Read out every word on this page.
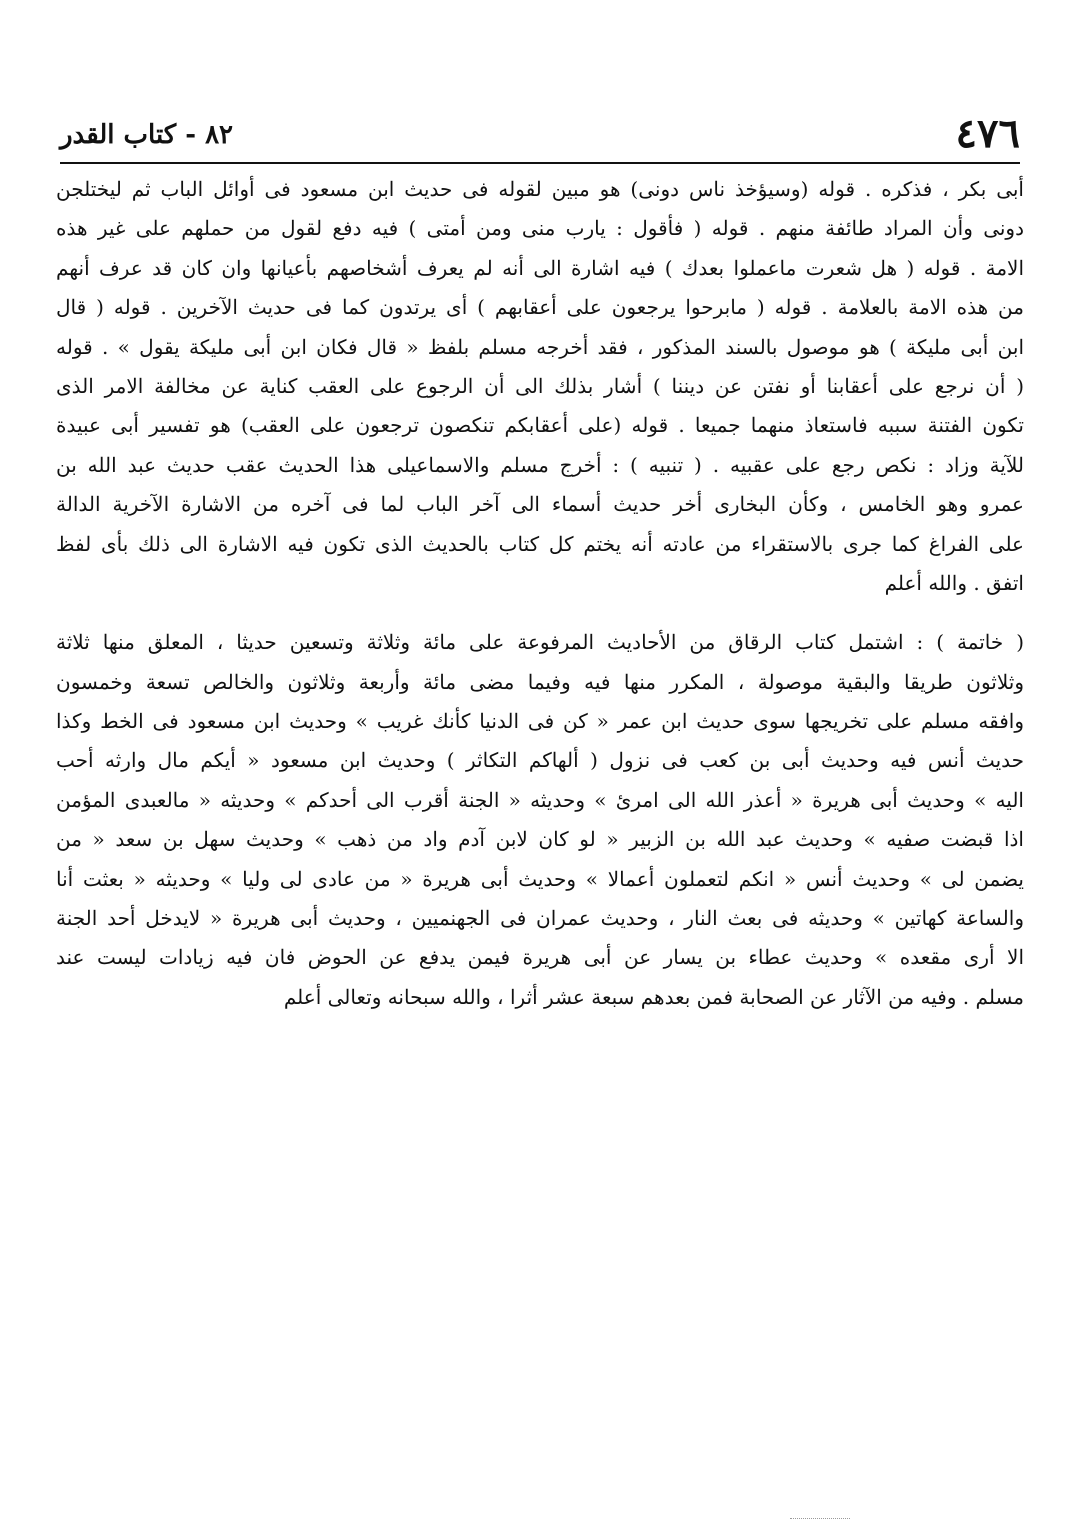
٤٧٦
٨٢ - كتاب القدر
أبى بكر ، فذكره . قوله (وسيؤخذ ناس دونى) هو مبين لقوله فى حديث ابن مسعود فى أوائل الباب ثم ليختلجن
دونى وأن المراد طائفة منهم . قوله ( فأقول : يارب منى ومن أمتى ) فيه دفع لقول من حملهم على غير هذه
الامة . قوله ( هل شعرت ماعملوا بعدك ) فيه اشارة الى أنه لم يعرف أشخاصهم بأعيانها وان كان قد عرف أنهم
من هذه الامة بالعلامة . قوله ( مابرحوا يرجعون على أعقابهم ) أى يرتدون كما فى حديث الآخرين . قوله ( قال
ابن أبى مليكة ) هو موصول بالسند المذكور ، فقد أخرجه مسلم بلفظ « قال فكان ابن أبى مليكة يقول » . قوله
( أن نرجع على أعقابنا أو نفتن عن ديننا ) أشار بذلك الى أن الرجوع على العقب كناية عن مخالفة الامر الذى
تكون الفتنة سببه فاستعاذ منهما جميعا . قوله (على أعقابكم تنكصون ترجعون على العقب) هو تفسير أبى عبيدة
للآية وزاد : نكص رجع على عقبيه . ( تنبيه ) : أخرج مسلم والاسماعيلى هذا الحديث عقب حديث عبد الله بن
عمرو وهو الخامس ، وكأن البخارى أخر حديث أسماء الى آخر الباب لما فى آخره من الاشارة الآخرية الدالة
على الفراغ كما جرى بالاستقراء من عادته أنه يختم كل كتاب بالحديث الذى تكون فيه الاشارة الى ذلك بأى لفظ
اتفق . والله أعلم
( خاتمة ) : اشتمل كتاب الرقاق من الأحاديث المرفوعة على مائة وثلاثة وتسعين حديثا ، المعلق منها ثلاثة
وثلاثون طريقا والبقية موصولة ، المكرر منها فيه وفيما مضى مائة وأربعة وثلاثون والخالص تسعة وخمسون
وافقه مسلم على تخريجها سوى حديث ابن عمر « كن فى الدنيا كأنك غريب » وحديث ابن مسعود فى الخط وكذا
حديث أنس فيه وحديث أبى بن كعب فى نزول ( ألهاكم التكاثر ) وحديث ابن مسعود « أيكم مال وارثه أحب
اليه » وحديث أبى هريرة « أعذر الله الى امرئ » وحديثه « الجنة أقرب الى أحدكم » وحديثه « مالعبدى المؤمن
اذا قبضت صفيه » وحديث عبد الله بن الزبير « لو كان لابن آدم واد من ذهب » وحديث سهل بن سعد « من
يضمن لى » وحديث أنس « انكم لتعملون أعمالا » وحديث أبى هريرة « من عادى لى وليا » وحديثه « بعثت أنا
والساعة كهاتين » وحديثه فى بعث النار ، وحديث عمران فى الجهنميين ، وحديث أبى هريرة « لايدخل أحد الجنة
الا أرى مقعده » وحديث عطاء بن يسار عن أبى هريرة فيمن يدفع عن الحوض فان فيه زيادات ليست عند
مسلم . وفيه من الآثار عن الصحابة فمن بعدهم سبعة عشر أثرا ، والله سبحانه وتعالى أعلم
